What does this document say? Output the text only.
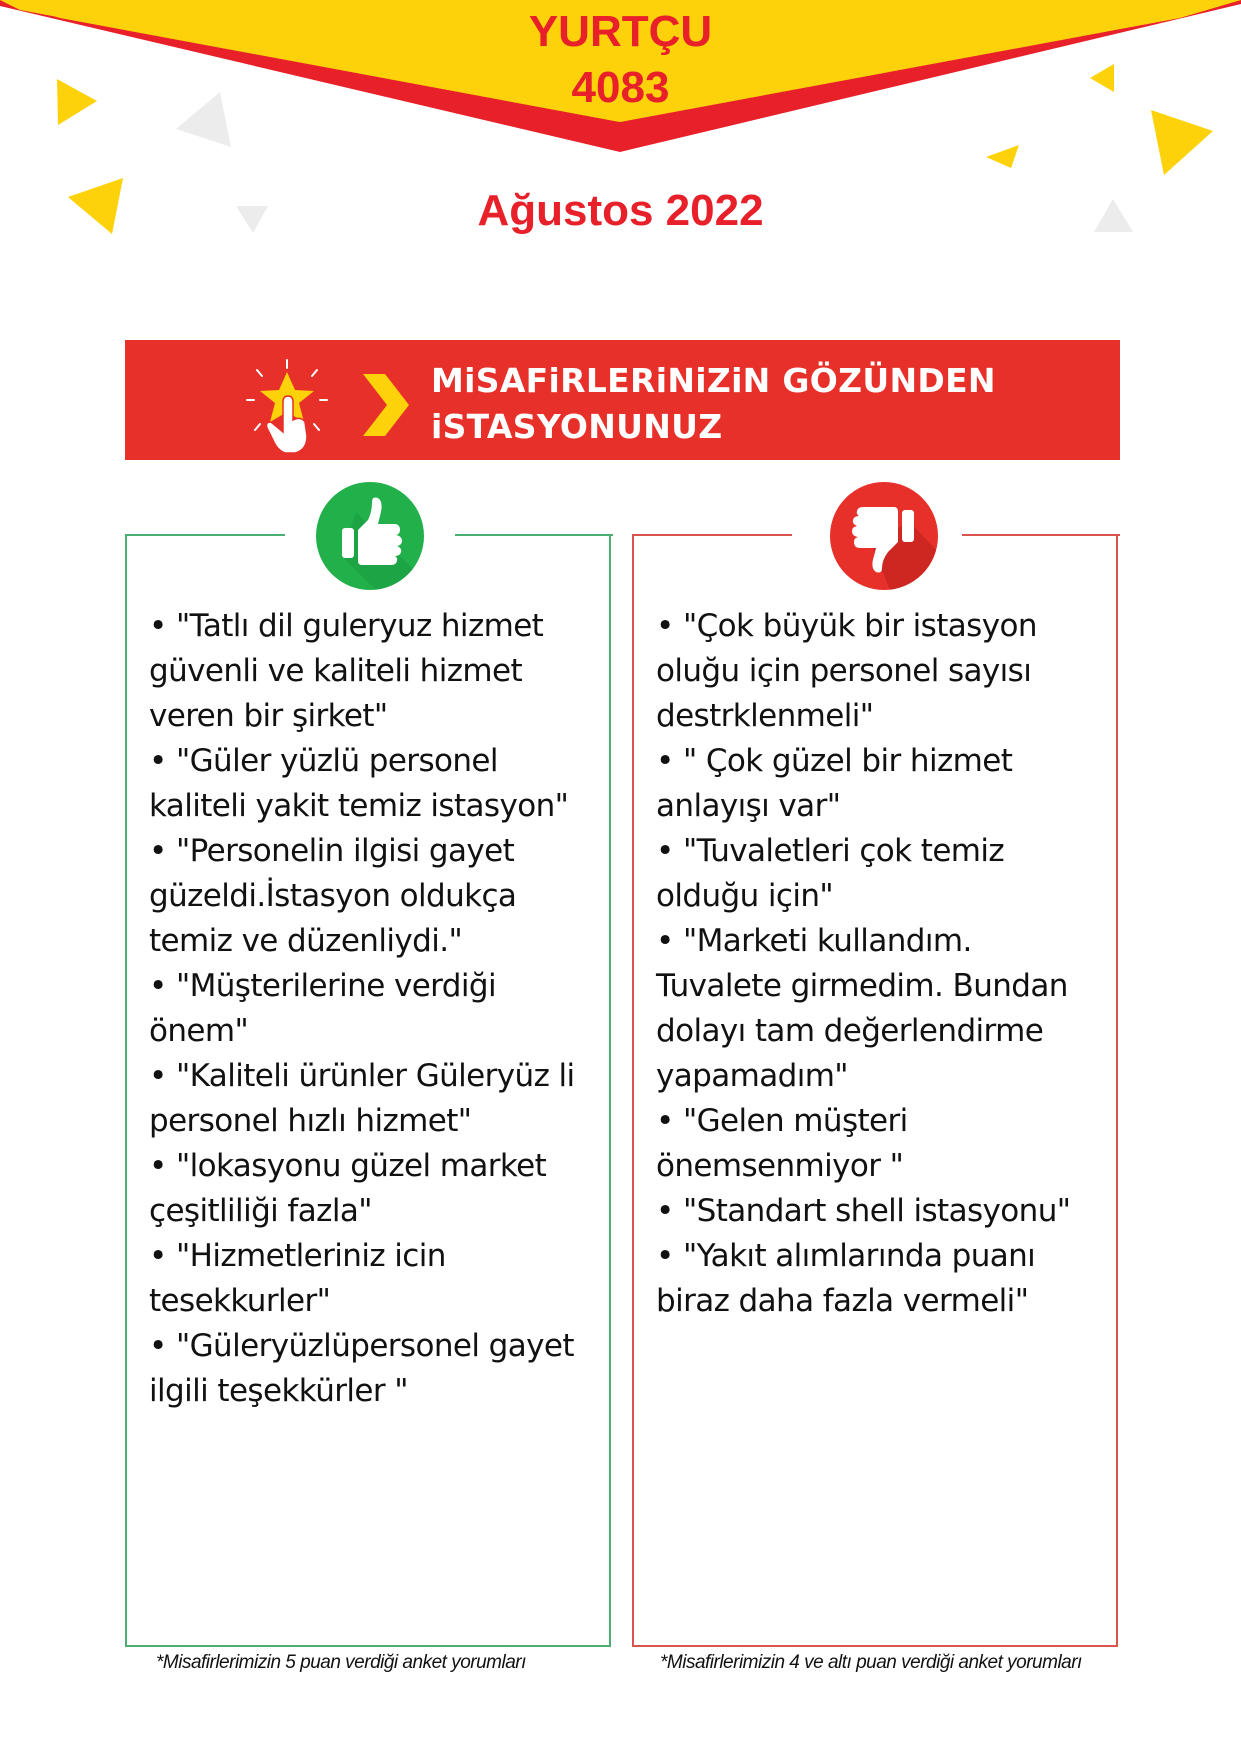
YURTÇU
4083
Ağustos 2022
MiSAFiRLERiNiZiN GÖZÜNDEN
iSTASYONUNUZ
• "Tatlı dil guleryuz hizmet güvenli ve kaliteli hizmet veren bir şirket"
• "Güler yüzlü personel kaliteli yakit temiz istasyon"
• "Personelin ilgisi gayet güzeldi.İstasyon oldukça temiz ve düzenliydi."
• "Müşterilerine verdiği önem"
• "Kaliteli ürünler Güleryüz li personel hızlı hizmet"
• "lokasyonu güzel market çeşitliliği fazla"
• "Hizmetleriniz icin tesekkurler"
• "Güleryüzlüpersonel gayet ilgili teşekkürler "
• "Çok büyük bir istasyon oluğu için personel sayısı destrklenmeli"
• " Çok güzel bir hizmet anlayışı var"
• "Tuvaletleri çok temiz olduğu için"
• "Marketi kullandım. Tuvalete girmedim. Bundan dolayı tam değerlendirme yapamadım"
• "Gelen müşteri önemsenmiyor "
• "Standart shell istasyonu"
• "Yakıt alımlarında puanı biraz daha fazla vermeli"
*Misafirlerimizin 5 puan verdiği anket yorumları	*Misafirlerimizin 4 ve altı puan verdiği anket yorumları
